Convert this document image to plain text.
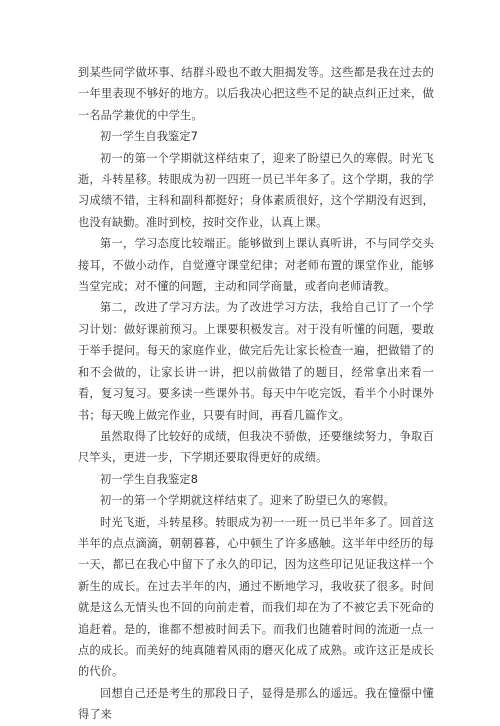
到某些同学做坏事、结群斗殴也不敢大胆揭发等。这些都是我在过去的一年里表现不够好的地方。以后我决心把这些不足的缺点纠正过来，做一名品学兼优的中学生。

初一学生自我鉴定7

初一的第一个学期就这样结束了，迎来了盼望已久的寒假。时光飞逝，斗转星移。转眼成为初一四班一员已半年多了。这个学期，我的学习成绩不错，主科和副科都挺好；身体素质很好，这个学期没有迟到，也没有缺勤。准时到校，按时交作业，认真上课。

第一，学习态度比较端正。能够做到上课认真听讲，不与同学交头接耳，不做小动作，自觉遵守课堂纪律；对老师布置的课堂作业，能够当堂完成；对不懂的问题，主动和同学商量，或者向老师请教。

第二，改进了学习方法。为了改进学习方法，我给自己订了一个学习计划：做好课前预习。上课要积极发言。对于没有听懂的问题，要敢于举手提问。每天的家庭作业，做完后先让家长检查一遍，把做错了的和不会做的，让家长讲一讲，把以前做错了的题目，经常拿出来看一看，复习复习。要多读一些课外书。每天中午吃完饭，看半个小时课外书；每天晚上做完作业，只要有时间，再看几篇作文。

虽然取得了比较好的成绩，但我决不骄傲，还要继续努力，争取百尺竿头，更进一步，下学期还要取得更好的成绩。

初一学生自我鉴定8

初一的第一个学期就这样结束了。迎来了盼望已久的寒假。

时光飞逝，斗转星移。转眼成为初一一班一员已半年多了。回首这半年的点点滴滴，朝朝暮暮，心中顿生了许多感触。这半年中经历的每一天，都已在我心中留下了永久的印记，因为这些印记见证我这样一个新生的成长。在过去半年的内，通过不断地学习，我收获了很多。时间就是这么无情头也不回的向前走着，而我们却在为了不被它丢下死命的追赶着。是的，谁都不想被时间丢下。而我们也随着时间的流逝一点一点的成长。而美好的纯真随着风雨的磨灭化成了成熟。或许这正是成长的代价。

回想自己还是考生的那段日子，显得是那么的遥远。我在憧憬中懂得了来
